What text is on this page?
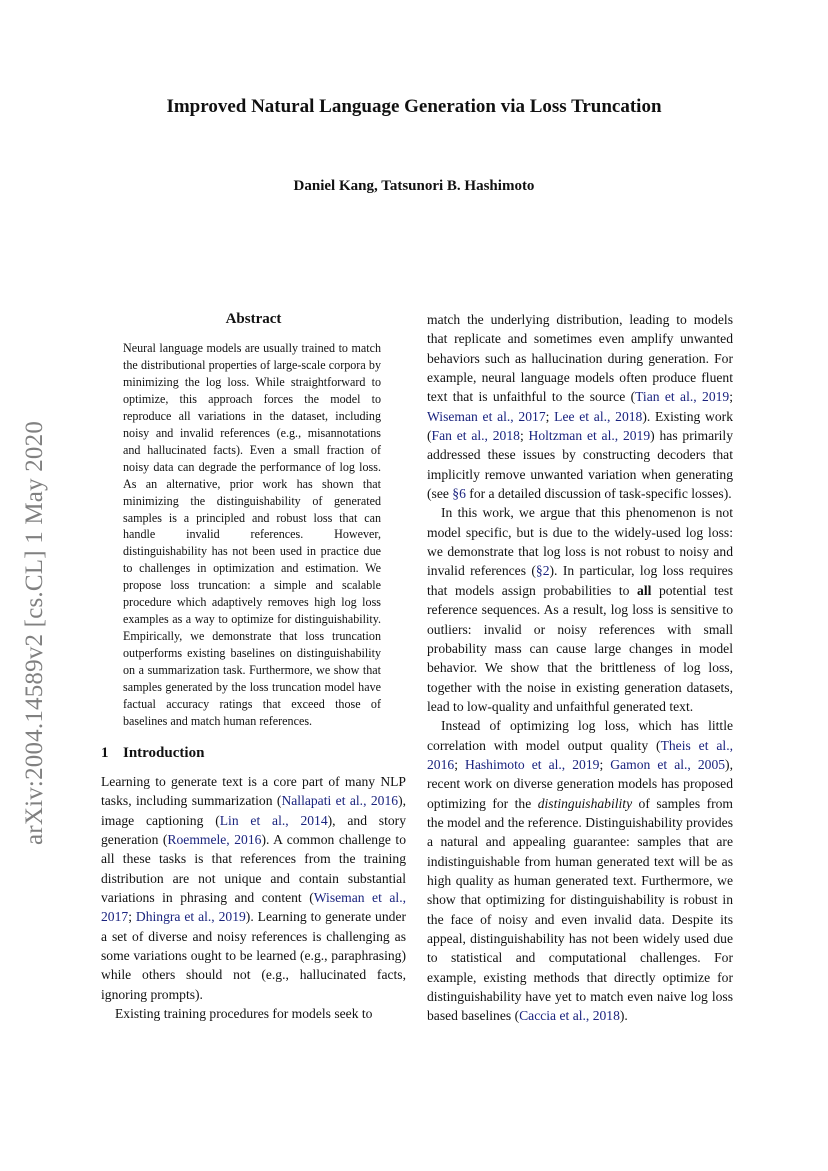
Improved Natural Language Generation via Loss Truncation
Daniel Kang, Tatsunori B. Hashimoto
arXiv:2004.14589v2 [cs.CL] 1 May 2020
Abstract
Neural language models are usually trained to match the distributional properties of large-scale corpora by minimizing the log loss. While straightforward to optimize, this approach forces the model to reproduce all variations in the dataset, including noisy and invalid references (e.g., misannotations and hallucinated facts). Even a small fraction of noisy data can degrade the performance of log loss. As an alternative, prior work has shown that minimizing the distinguishability of generated samples is a principled and robust loss that can handle invalid references. However, distinguishability has not been used in practice due to challenges in optimization and estimation. We propose loss truncation: a simple and scalable procedure which adaptively removes high log loss examples as a way to optimize for distinguishability. Empirically, we demonstrate that loss truncation outperforms existing baselines on distinguishability on a summarization task. Furthermore, we show that samples generated by the loss truncation model have factual accuracy ratings that exceed those of baselines and match human references.
1 Introduction

Learning to generate text is a core part of many NLP tasks, including summarization (Nallapati et al., 2016), image captioning (Lin et al., 2014), and story generation (Roemmele, 2016). A common challenge to all these tasks is that references from the training distribution are not unique and contain substantial variations in phrasing and content (Wiseman et al., 2017; Dhingra et al., 2019). Learning to generate under a set of diverse and noisy references is challenging as some variations ought to be learned (e.g., paraphrasing) while others should not (e.g., hallucinated facts, ignoring prompts).

Existing training procedures for models seek to

match the underlying distribution, leading to models that replicate and sometimes even amplify unwanted behaviors such as hallucination during generation. For example, neural language models often produce fluent text that is unfaithful to the source (Tian et al., 2019; Wiseman et al., 2017; Lee et al., 2018). Existing work (Fan et al., 2018; Holtzman et al., 2019) has primarily addressed these issues by constructing decoders that implicitly remove unwanted variation when generating (see §6 for a detailed discussion of task-specific losses).

In this work, we argue that this phenomenon is not model specific, but is due to the widely-used log loss: we demonstrate that log loss is not robust to noisy and invalid references (§2). In particular, log loss requires that models assign probabilities to all potential test reference sequences. As a result, log loss is sensitive to outliers: invalid or noisy references with small probability mass can cause large changes in model behavior. We show that the brittleness of log loss, together with the noise in existing generation datasets, lead to low-quality and unfaithful generated text.

Instead of optimizing log loss, which has little correlation with model output quality (Theis et al., 2016; Hashimoto et al., 2019; Gamon et al., 2005), recent work on diverse generation models has proposed optimizing for the distinguishability of samples from the model and the reference. Distinguishability provides a natural and appealing guarantee: samples that are indistinguishable from human generated text will be as high quality as human generated text. Furthermore, we show that optimizing for distinguishability is robust in the face of noisy and even invalid data. Despite its appeal, distinguishability has not been widely used due to statistical and computational challenges. For example, existing methods that directly optimize for distinguishability have yet to match even naive log loss based baselines (Caccia et al., 2018).
